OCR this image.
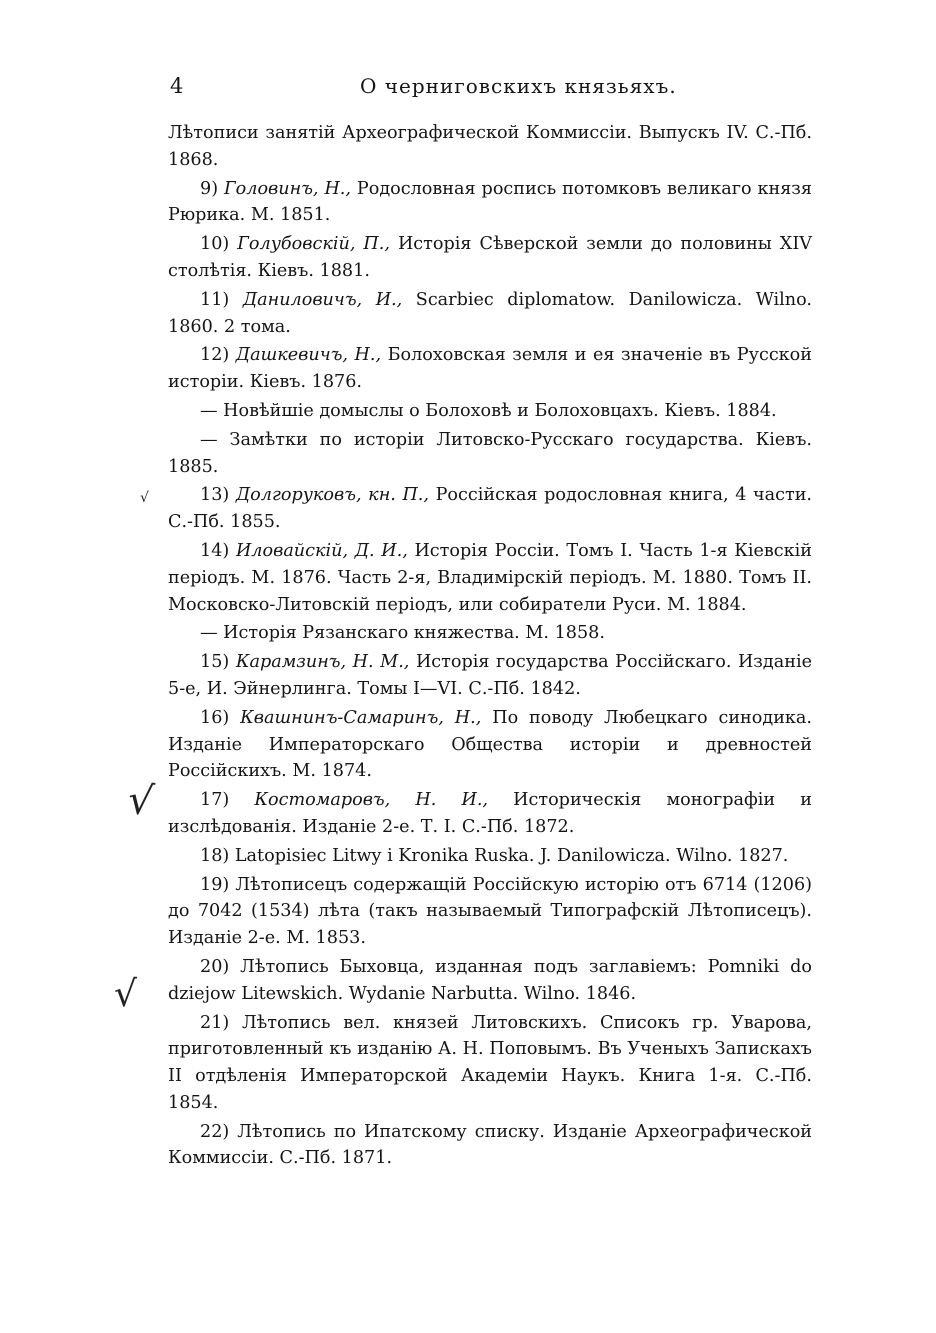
4	О черниговскихъ князьяхъ.

Лѣтописи занятій Археографической Коммиссіи. Выпускъ IV. С.-Пб. 1868.

9) Головинъ, Н., Родословная роспись потомковъ великаго князя Рюрика. М. 1851.

10) Голубовскій, П., Исторія Сѣверской земли до половины XIV столѣтія. Кіевъ. 1881.

11) Даниловичъ, И., Scarbiec diplomatow. Danilowicza. Wilno. 1860. 2 тома.

12) Дашкевичъ, Н., Болоховская земля и ея значеніе въ Русской исторіи. Кіевъ. 1876.

— Новѣйшіе домыслы о Болоховѣ и Болоховцахъ. Кіевъ. 1884.

— Замѣтки по исторіи Литовско-Русскаго государства. Кіевъ. 1885.

13) Долгоруковъ, кн. П., Россійская родословная книга, 4 части. С.-Пб. 1855.

14) Иловайскій, Д. И., Исторія Россіи. Томъ I. Часть 1-я Кіевскій періодъ. М. 1876. Часть 2-я, Владимірскій періодъ. М. 1880. Томъ II. Московско-Литовскій періодъ, или собиратели Руси. М. 1884.

— Исторія Рязанскаго княжества. М. 1858.

15) Карамзинъ, Н. М., Исторія государства Россійскаго. Изданіе 5-е, И. Эйнерлинга. Томы I—VI. С.-Пб. 1842.

16) Квашнинъ-Самаринъ, Н., По поводу Любецкаго синодика. Изданіе Императорскаго Общества исторіи и древностей Россійскихъ. М. 1874.

17) Костомаровъ, Н. И., Историческія монографіи и изслѣдованія. Изданіе 2-е. Т. I. С.-Пб. 1872.

18) Latopisiec Litwy i Kronika Ruska. J. Danilowicza. Wilno. 1827.

19) Лѣтописецъ содержащій Россійскую исторію отъ 6714 (1206) до 7042 (1534) лѣта (такъ называемый Типографскій Лѣтописецъ). Изданіе 2-е. М. 1853.

20) Лѣтопись Быховца, изданная подъ заглавіемъ: Pomniki do dziejow Litewskich. Wydanie Narbutta. Wilno. 1846.

21) Лѣтопись вел. князей Литовскихъ. Списокъ гр. Уварова, приготовленный къ изданію А. Н. Поповымъ. Въ Ученыхъ Запискахъ II отдѣленія Императорской Академіи Наукъ. Книга 1-я. С.-Пб. 1854.

22) Лѣтопись по Ипатскому списку. Изданіе Археографической Коммиссіи. С.-Пб. 1871.

√
√
√
